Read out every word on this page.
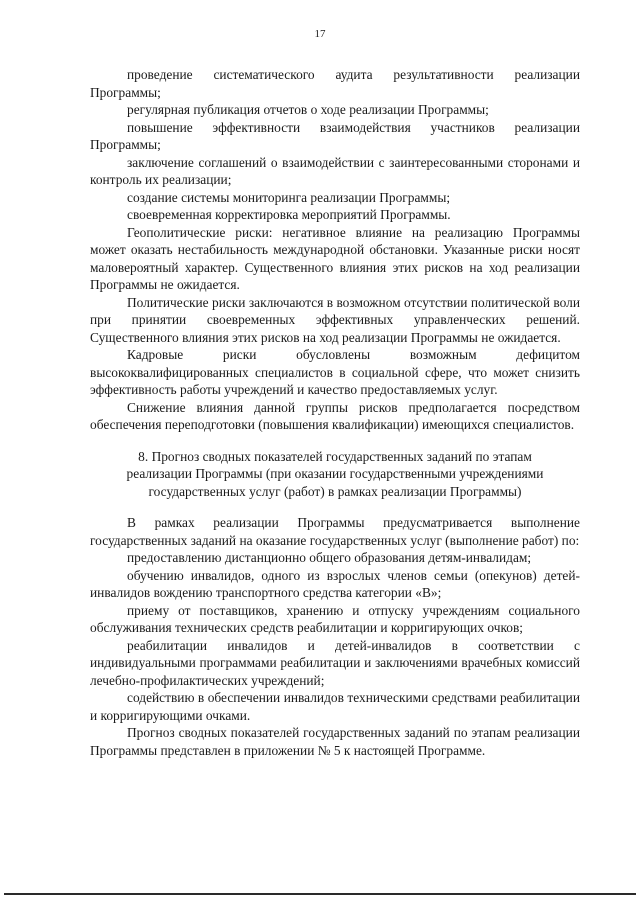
17

проведение систематического аудита результативности реализации Программы;

регулярная публикация отчетов о ходе реализации Программы;

повышение эффективности взаимодействия участников реализации Программы;

заключение соглашений о взаимодействии с заинтересованными сторонами и контроль их реализации;

создание системы мониторинга реализации Программы;

своевременная корректировка мероприятий Программы.

Геополитические риски: негативное влияние на реализацию Программы может оказать нестабильность международной обстановки. Указанные риски носят маловероятный характер. Существенного влияния этих рисков на ход реализации Программы не ожидается.

Политические риски заключаются в возможном отсутствии политической воли при принятии своевременных эффективных управленческих решений. Существенного влияния этих рисков на ход реализации Программы не ожидается.

Кадровые риски обусловлены возможным дефицитом высококвалифицированных специалистов в социальной сфере, что может снизить эффективность работы учреждений и качество предоставляемых услуг.

Снижение влияния данной группы рисков предполагается посредством обеспечения переподготовки (повышения квалификации) имеющихся специалистов.

8. Прогноз сводных показателей государственных заданий по этапам реализации Программы (при оказании государственными учреждениями государственных услуг (работ) в рамках реализации Программы)

В рамках реализации Программы предусматривается выполнение государственных заданий на оказание государственных услуг (выполнение работ) по:

предоставлению дистанционно общего образования детям-инвалидам;

обучению инвалидов, одного из взрослых членов семьи (опекунов) детей-инвалидов вождению транспортного средства категории «В»;

приему от поставщиков, хранению и отпуску учреждениям социального обслуживания технических средств реабилитации и корригирующих очков;

реабилитации инвалидов и детей-инвалидов в соответствии с индивидуальными программами реабилитации и заключениями врачебных комиссий лечебно-профилактических учреждений;

содействию в обеспечении инвалидов техническими средствами реабилитации и корригирующими очками.

Прогноз сводных показателей государственных заданий по этапам реализации Программы представлен в приложении № 5 к настоящей Программе.
